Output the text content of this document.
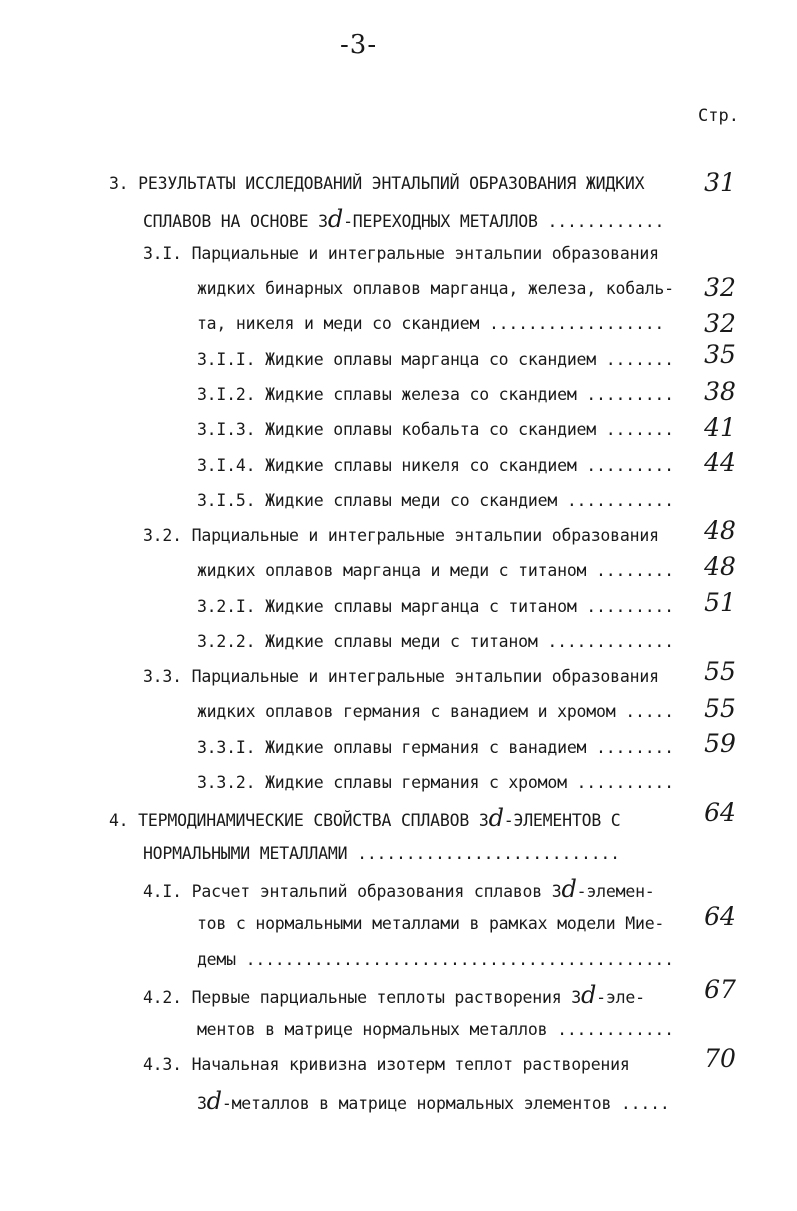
-3-
Стр.

3. РЕЗУЛЬТАТЫ ИССЛЕДОВАНИЙ ЭНТАЛЬПИЙ ОБРАЗОВАНИЯ ЖИДКИХ

СПЛАВОВ НА ОСНОВЕ 3d-ПЕРЕХОДНЫХ МЕТАЛЛОВ ............

31

3.I. Парциальные и интегральные энтальпии образования

жидких бинарных оплавов марганца, железа, кобаль-

та, никеля и меди со скандием ..................

32

3.I.I. Жидкие оплавы марганца со скандием .......

32

3.I.2. Жидкие сплавы железа со скандием .........

35

3.I.3. Жидкие оплавы кобальта со скандием .......

38

3.I.4. Жидкие сплавы никеля со скандием .........

41

3.I.5. Жидкие сплавы меди со скандием ...........

44

3.2. Парциальные и интегральные энтальпии образования

жидких оплавов марганца и меди с титаном ........

48

3.2.I. Жидкие сплавы марганца с титаном .........

48

3.2.2. Жидкие сплавы меди с титаном .............

51

3.3. Парциальные и интегральные энтальпии образования

жидких оплавов германия с ванадием и хромом .....

55

3.3.I. Жидкие оплавы германия с ванадием ........

55

3.3.2. Жидкие сплавы германия с хромом ..........

59

4. ТЕРМОДИНАМИЧЕСКИЕ СВОЙСТВА СПЛАВОВ 3d-ЭЛЕМЕНТОВ С

НОРМАЛЬНЫМИ МЕТАЛЛАМИ ...........................

64

4.I. Расчет энтальпий образования сплавов 3d-элемен-

тов с нормальными металлами в рамках модели Мие-

демы ............................................

64

4.2. Первые парциальные теплоты растворения 3d-эле-

ментов в матрице нормальных металлов ............

67

4.3. Начальная кривизна изотерм теплот растворения

3d-металлов в матрице нормальных элементов .....

70
